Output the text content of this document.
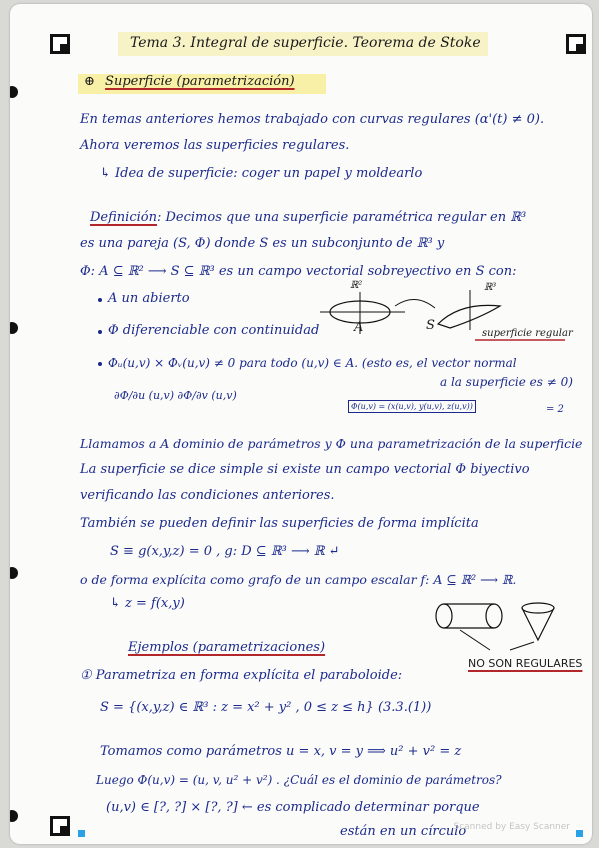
Tema 3. Integral de superficie. Teorema de Stoke
⊕ Superficie (parametrización)
En temas anteriores hemos trabajado con curvas regulares (α'(t) ≠ 0).
Ahora veremos las superficies regulares.
↳ Idea de superficie: coger un papel y moldearlo
Definición: Decimos que una superficie paramétrica regular en ℝ³
es una pareja (S, Φ) donde S es un subconjunto de ℝ³ y
Φ: A ⊆ ℝ² ⟶ S ⊆ ℝ³ es un campo vectorial sobreyectivo en S con:
A un abierto
Φ diferenciable con continuidad
Φᵤ(u,v) × Φᵥ(u,v) ≠ 0 para todo (u,v) ∈ A. (esto es, el vector normal
a la superficie es ≠ 0)
∂Φ/∂u (u,v) ∂Φ/∂v (u,v)
ℝ²	ℝ³
A	S
superficie regular
Φ(u,v) = (x(u,v), y(u,v), z(u,v))	= 2
Llamamos a A dominio de parámetros y Φ una parametrización de la superficie
La superficie se dice simple si existe un campo vectorial Φ biyectivo
verificando las condiciones anteriores.
También se pueden definir las superficies de forma implícita
S ≡ g(x,y,z) = 0 , g: D ⊆ ℝ³ ⟶ ℝ ↵
o de forma explícita como grafo de un campo escalar f: A ⊆ ℝ² ⟶ ℝ.
↳ z = f(x,y)
NO SON REGULARES
Ejemplos (parametrizaciones)
① Parametriza en forma explícita el paraboloide:
S = {(x,y,z) ∈ ℝ³ : z = x² + y² , 0 ≤ z ≤ h} (3.3.(1))
Tomamos como parámetros u = x, v = y ⟹ u² + v² = z
Luego Φ(u,v) = (u, v, u² + v²) . ¿Cuál es el dominio de parámetros?
(u,v) ∈ [?, ?] × [?, ?] ← es complicado determinar porque
están en un círculo
Scanned by Easy Scanner
